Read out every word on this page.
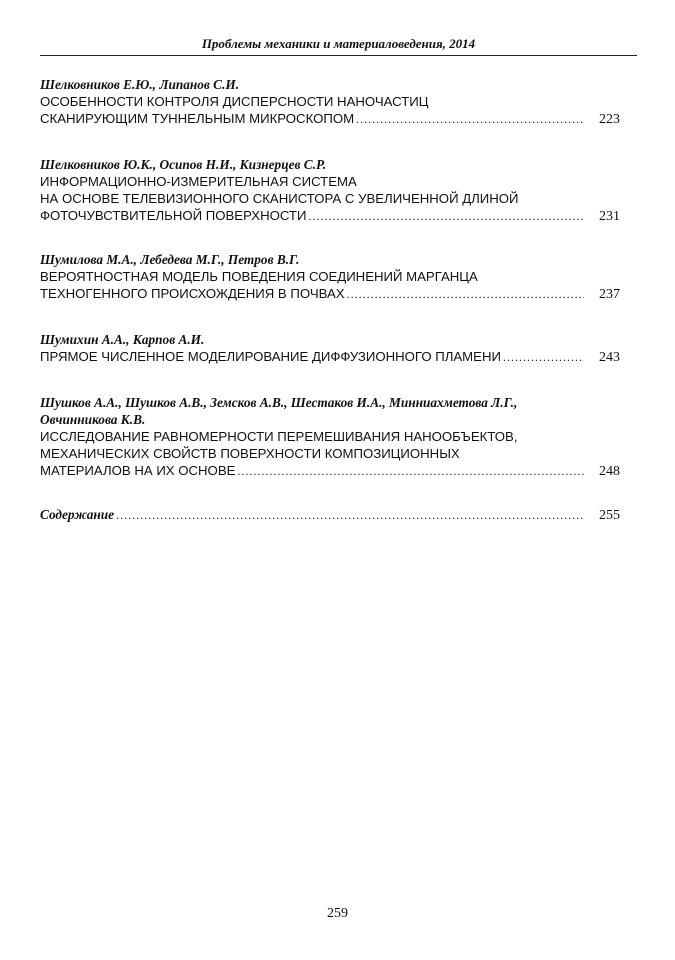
Проблемы механики и материаловедения, 2014
Шелковников Е.Ю., Липанов С.И.
ОСОБЕННОСТИ КОНТРОЛЯ ДИСПЕРСНОСТИ НАНОЧАСТИЦ
СКАНИРУЮЩИМ ТУННЕЛЬНЫМ МИКРОСКОПОМ .....	223
Шелковников Ю.К., Осипов Н.И., Кизнерцев С.Р.
ИНФОРМАЦИОННО-ИЗМЕРИТЕЛЬНАЯ СИСТЕМА
НА ОСНОВЕ ТЕЛЕВИЗИОННОГО СКАНИСТОРА С УВЕЛИЧЕННОЙ ДЛИНОЙ
ФОТОЧУВСТВИТЕЛЬНОЙ ПОВЕРХНОСТИ .....	231
Шумилова М.А., Лебедева М.Г., Петров В.Г.
ВЕРОЯТНОСТНАЯ МОДЕЛЬ ПОВЕДЕНИЯ СОЕДИНЕНИЙ МАРГАНЦА
ТЕХНОГЕННОГО ПРОИСХОЖДЕНИЯ В ПОЧВАХ .....	237
Шумихин А.А., Карпов А.И.
ПРЯМОЕ ЧИСЛЕННОЕ МОДЕЛИРОВАНИЕ ДИФФУЗИОННОГО ПЛАМЕНИ .....	243
Шушков А.А., Шушков А.В., Земсков А.В., Шестаков И.А., Минниахметова Л.Г.,
Овчинникова К.В.
ИССЛЕДОВАНИЕ РАВНОМЕРНОСТИ ПЕРЕМЕШИВАНИЯ НАНООБЪЕКТОВ,
МЕХАНИЧЕСКИХ СВОЙСТВ ПОВЕРХНОСТИ КОМПОЗИЦИОННЫХ
МАТЕРИАЛОВ НА ИХ ОСНОВЕ .....	248
Содержание .....	255
259
